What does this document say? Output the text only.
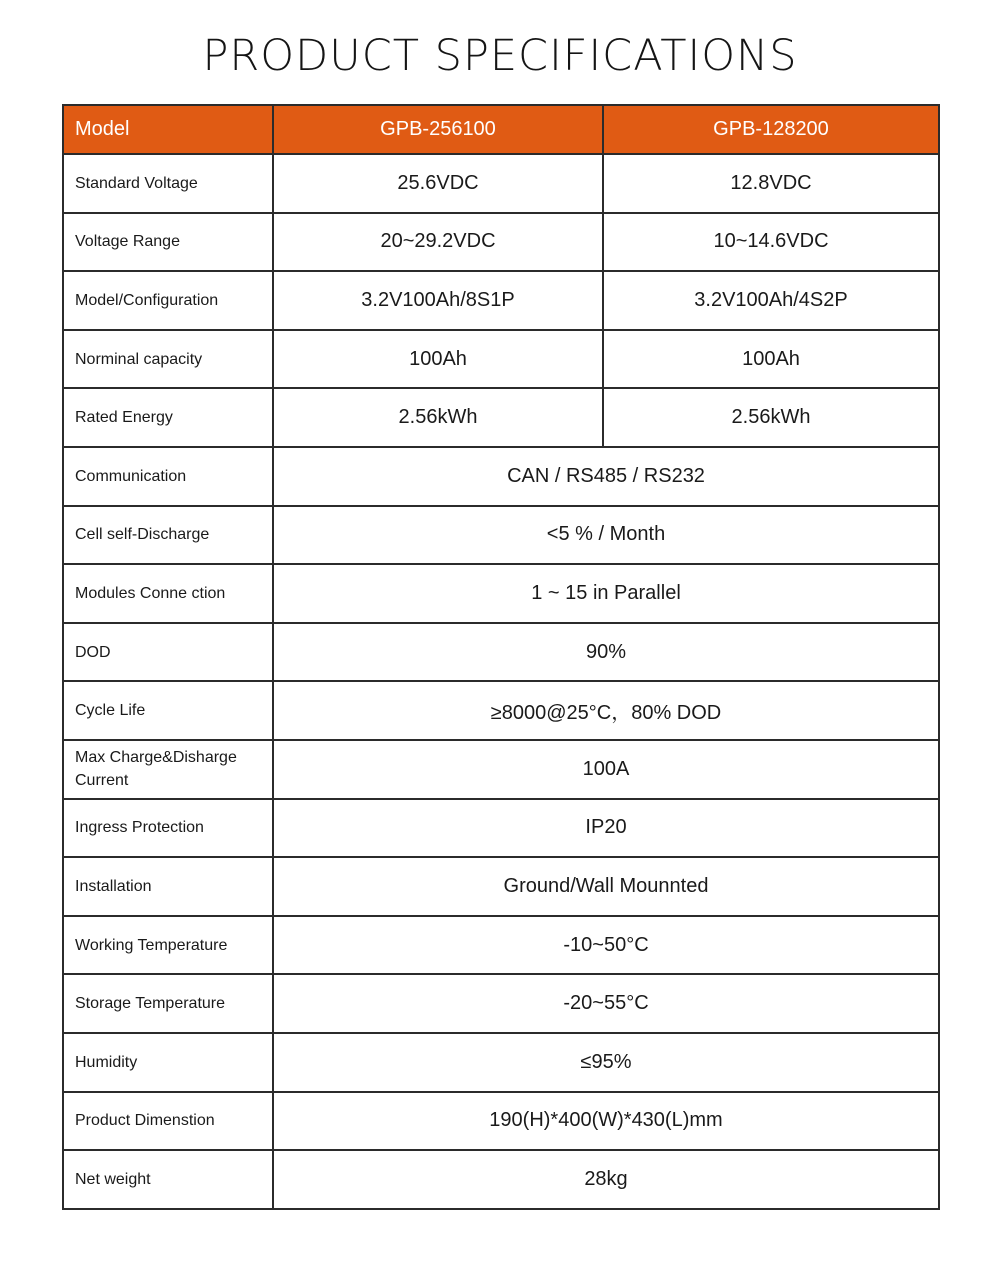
PRODUCT SPECIFICATIONS
Model	GPB-256100	GPB-128200
Standard Voltage	25.6VDC	12.8VDC
Voltage Range	20~29.2VDC	10~14.6VDC
Model/Configuration	3.2V100Ah/8S1P	3.2V100Ah/4S2P
Norminal capacity	100Ah	100Ah
Rated Energy	2.56kWh	2.56kWh
Communication	CAN / RS485 / RS232	
Cell self-Discharge	<5 % / Month	
Modules Conne ction	1 ~ 15 in Parallel	
DOD	90%	
Cycle Life	≥8000@25°C，80% DOD	
Max Charge&Disharge Current	100A	
Ingress Protection	IP20	
Installation	Ground/Wall Mounnted	
Working Temperature	-10~50°C	
Storage Temperature	-20~55°C	
Humidity	≤95%	
Product Dimenstion	190(H)*400(W)*430(L)mm	
Net weight	28kg	
